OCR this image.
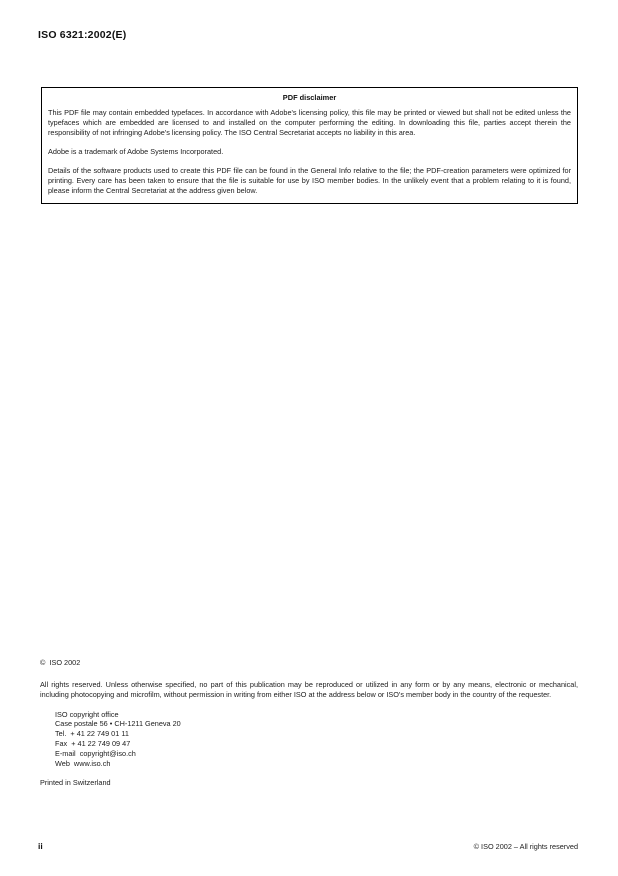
ISO 6321:2002(E)
PDF disclaimer

This PDF file may contain embedded typefaces. In accordance with Adobe's licensing policy, this file may be printed or viewed but shall not be edited unless the typefaces which are embedded are licensed to and installed on the computer performing the editing. In downloading this file, parties accept therein the responsibility of not infringing Adobe's licensing policy. The ISO Central Secretariat accepts no liability in this area.

Adobe is a trademark of Adobe Systems Incorporated.

Details of the software products used to create this PDF file can be found in the General Info relative to the file; the PDF-creation parameters were optimized for printing. Every care has been taken to ensure that the file is suitable for use by ISO member bodies. In the unlikely event that a problem relating to it is found, please inform the Central Secretariat at the address given below.

©  ISO 2002

All rights reserved. Unless otherwise specified, no part of this publication may be reproduced or utilized in any form or by any means, electronic or mechanical, including photocopying and microfilm, without permission in writing from either ISO at the address below or ISO's member body in the country of the requester.

ISO copyright office
Case postale 56 • CH-1211 Geneva 20
Tel.  + 41 22 749 01 11
Fax  + 41 22 749 09 47
E-mail  copyright@iso.ch
Web  www.iso.ch
Printed in Switzerland
ii	© ISO 2002 – All rights reserved
